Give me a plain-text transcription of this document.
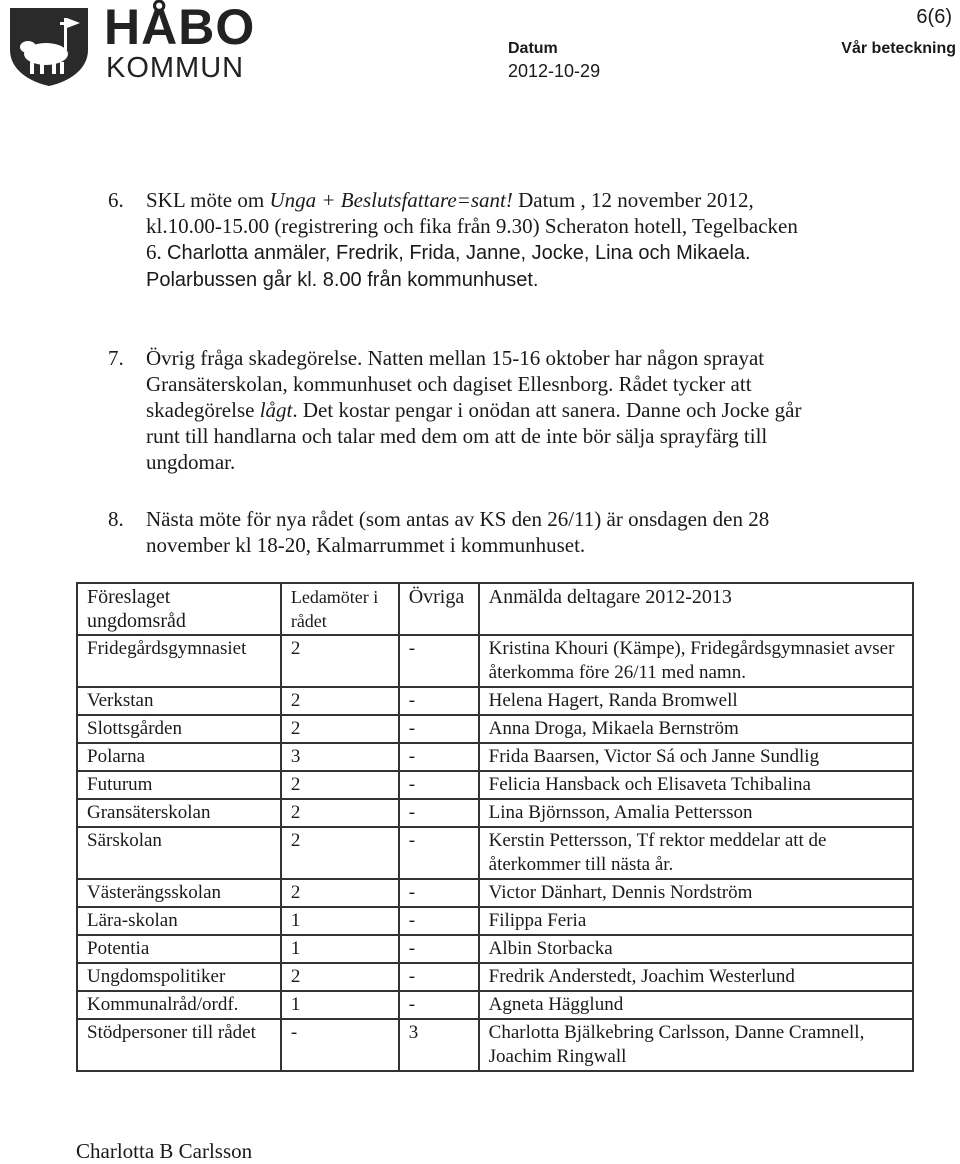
HÅBO
KOMMUN
6(6)
Datum	Vår beteckning
2012-10-29
6.	SKL möte om Unga + Beslutsfattare=sant! Datum , 12 november 2012, kl.10.00-15.00 (registrering och fika från 9.30) Scheraton hotell, Tegelbacken 6. Charlotta anmäler, Fredrik, Frida, Janne, Jocke, Lina och Mikaela. Polarbussen går kl. 8.00 från kommunhuset.
7.	Övrig fråga skadegörelse. Natten mellan 15-16 oktober har någon sprayat Gransäterskolan, kommunhuset och dagiset Ellesnborg. Rådet tycker att skadegörelse lågt. Det kostar pengar i onödan att sanera. Danne och Jocke går runt till handlarna och talar med dem om att de inte bör sälja sprayfärg till ungdomar.
8.	Nästa möte för nya rådet (som antas av KS den 26/11) är onsdagen den 28 november kl 18-20, Kalmarrummet i kommunhuset.
Föreslaget ungdomsråd	Ledamöter i rådet	Övriga	Anmälda deltagare 2012-2013
Fridegårdsgymnasiet	2	-	Kristina Khouri (Kämpe), Fridegårdsgymnasiet avser återkomma före 26/11 med namn.
Verkstan	2	-	Helena Hagert, Randa Bromwell
Slottsgården	2	-	Anna Droga, Mikaela Bernström
Polarna	3	-	Frida Baarsen, Victor Sá och Janne Sundlig
Futurum	2	-	Felicia Hansback och Elisaveta Tchibalina
Gransäterskolan	2	-	Lina Björnsson, Amalia Pettersson
Särskolan	2	-	Kerstin Pettersson, Tf rektor meddelar att de återkommer till nästa år.
Västerängsskolan	2	-	Victor Dänhart, Dennis Nordström
Lära-skolan	1	-	Filippa Feria
Potentia	1	-	Albin Storbacka
Ungdomspolitiker	2	-	Fredrik Anderstedt, Joachim Westerlund
Kommunalråd/ordf.	1	-	Agneta Hägglund
Stödpersoner till rådet	-	3	Charlotta Bjälkebring Carlsson, Danne Cramnell, Joachim Ringwall
Charlotta B Carlsson
